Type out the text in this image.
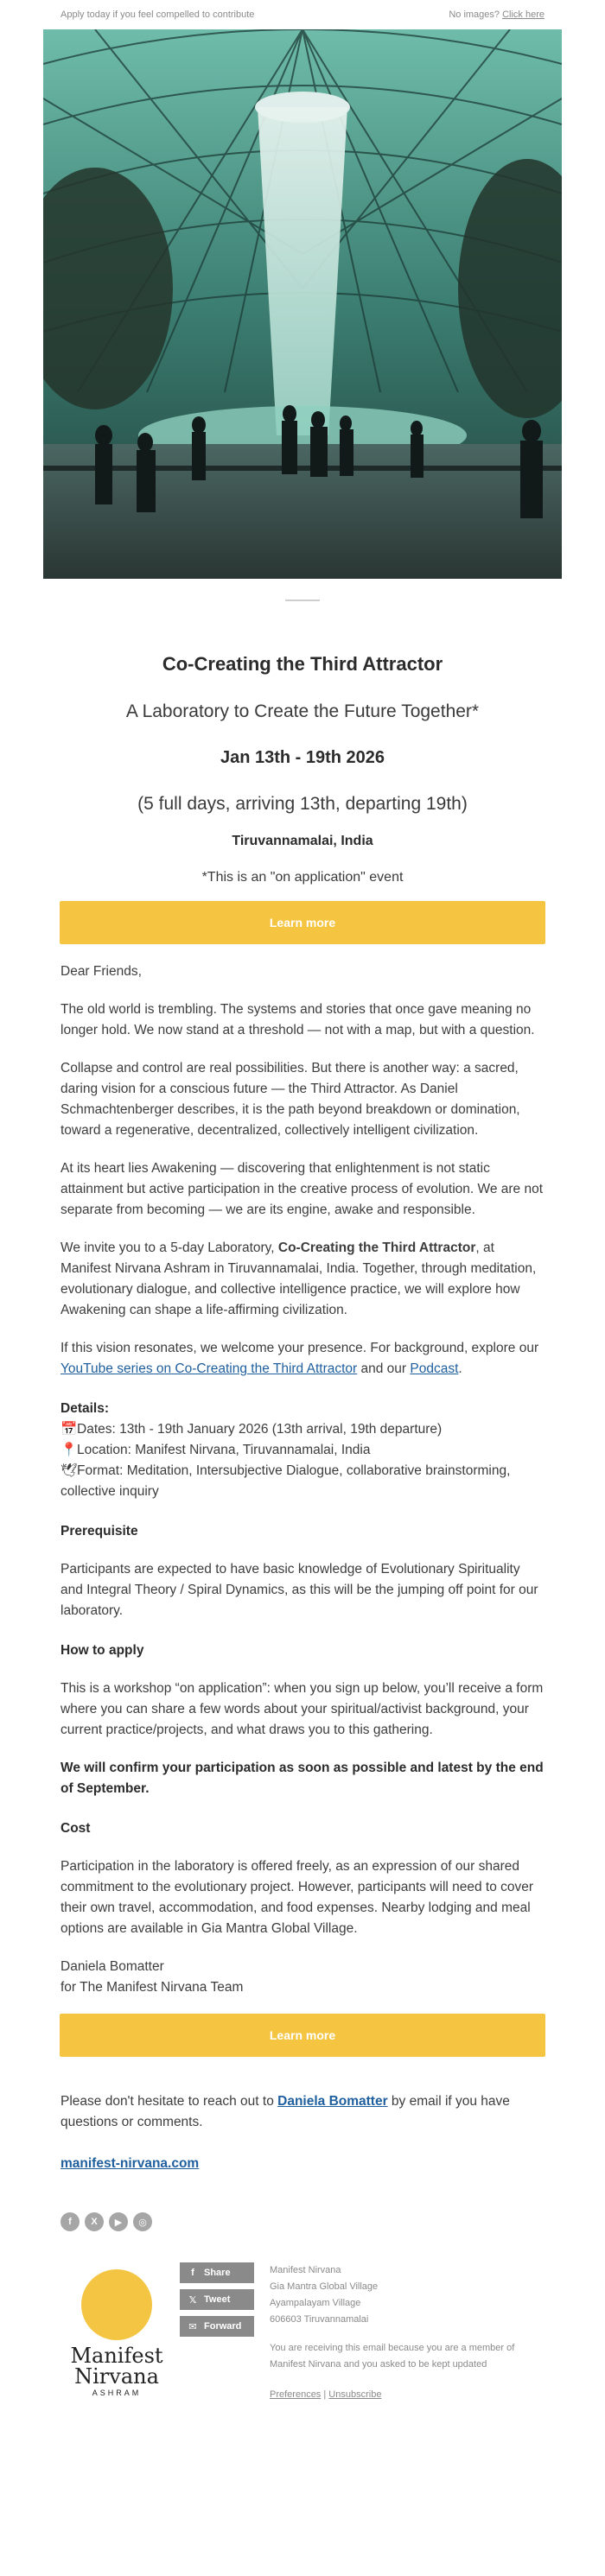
Apply today if you feel compelled to contribute	No images? Click here
Co-Creating the Third Attractor
A Laboratory to Create the Future Together*
Jan 13th - 19th 2026
(5 full days, arriving 13th, departing 19th)
Tiruvannamalai, India
*This is an "on application" event
Learn more

Dear Friends,

The old world is trembling. The systems and stories that once gave meaning no longer hold. We now stand at a threshold — not with a map, but with a question.

Collapse and control are real possibilities. But there is another way: a sacred, daring vision for a conscious future — the Third Attractor. As Daniel Schmachtenberger describes, it is the path beyond breakdown or domination, toward a regenerative, decentralized, collectively intelligent civilization.

At its heart lies Awakening — discovering that enlightenment is not static attainment but active participation in the creative process of evolution. We are not separate from becoming — we are its engine, awake and responsible.

We invite you to a 5-day Laboratory, Co-Creating the Third Attractor, at Manifest Nirvana Ashram in Tiruvannamalai, India. Together, through meditation, evolutionary dialogue, and collective intelligence practice, we will explore how Awakening can shape a life-affirming civilization.

If this vision resonates, we welcome your presence. For background, explore our YouTube series on Co-Creating the Third Attractor and our Podcast.

Details:
📅Dates: 13th - 19th January 2026 (13th arrival, 19th departure)
📍Location: Manifest Nirvana, Tiruvannamalai, India
🕊Format: Meditation, Intersubjective Dialogue, collaborative brainstorming, collective inquiry
Prerequisite

Participants are expected to have basic knowledge of Evolutionary Spirituality and Integral Theory / Spiral Dynamics, as this will be the jumping off point for our laboratory.

How to apply

This is a workshop “on application”: when you sign up below, you’ll receive a form where you can share a few words about your spiritual/activist background, your current practice/projects, and what draws you to this gathering.

We will confirm your participation as soon as possible and latest by the end of September.

Cost

Participation in the laboratory is offered freely, as an expression of our shared commitment to the evolutionary project. However, participants will need to cover their own travel, accommodation, and food expenses. Nearby lodging and meal options are available in Gia Mantra Global Village.

Daniela Bomatter
for The Manifest Nirvana Team

Learn more
Please don't hesitate to reach out to Daniela Bomatter by email if you have questions or comments.
manifest-nirvana.com
f	X	▶	◎
Manifest
Nirvana
ASHRAM
f	Share
𝕏 Tweet
✉ Forward
Manifest Nirvana
Gia Mantra Global Village
Ayampalayam Village
606603 Tiruvannamalai
You are receiving this email because you are a member of Manifest Nirvana and you asked to be kept updated
Preferences | Unsubscribe
